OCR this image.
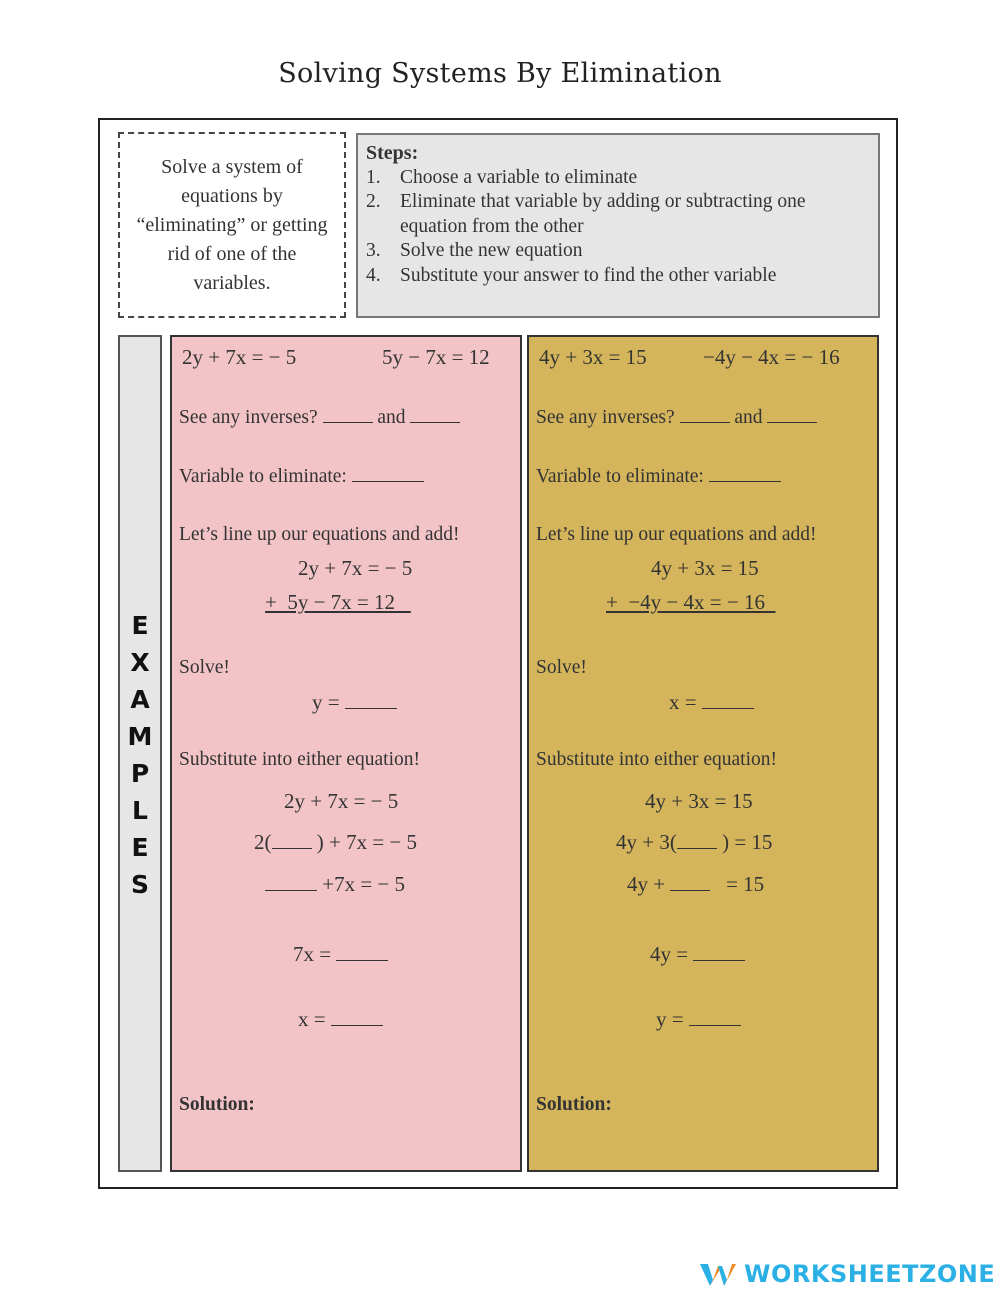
Solving Systems By Elimination
Solve a system of equations by “eliminating” or getting rid of one of the variables.
Steps:
1. Choose a variable to eliminate
2. Eliminate that variable by adding or subtracting one equation from the other
3. Solve the new equation
4. Substitute your answer to find the other variable
E
X
A
M
P
L
E
S
2y + 7x = − 5	5y − 7x = 12
See any inverses?	and
Variable to eliminate:
Let’s line up our equations and add!
2y + 7x = − 5
+  5y − 7x = 12
Solve!
y =
Substitute into either equation!
2y + 7x = − 5
2( ) + 7x = − 5
+7x = − 5
7x =
x =
Solution:
4y + 3x = 15	−4y − 4x = − 16
See any inverses?	and
Variable to eliminate:
Let’s line up our equations and add!
4y + 3x = 15
+  −4y − 4x = − 16
Solve!
x =
Substitute into either equation!
4y + 3x = 15
4y + 3( ) = 15
4y +	= 15
4y =
y =
Solution:
WORKSHEETZONE
